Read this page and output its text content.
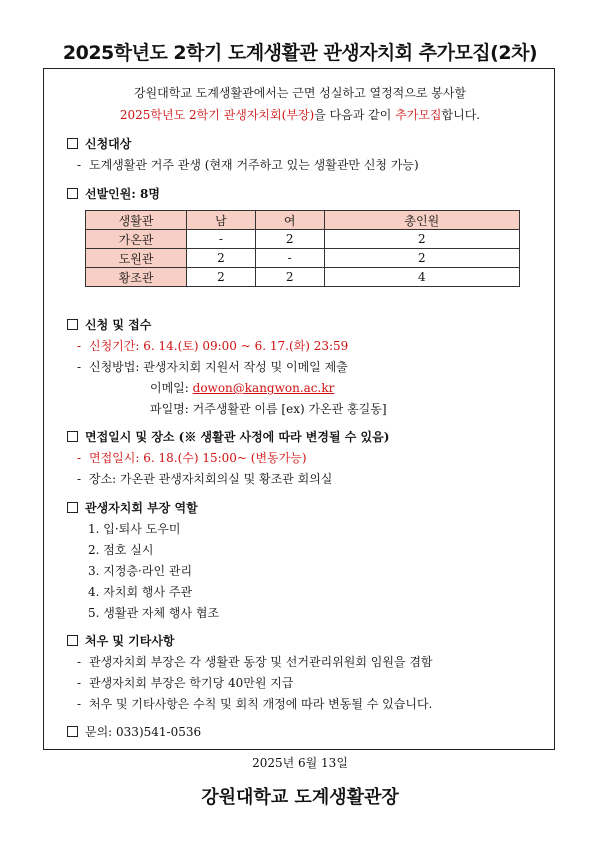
2025학년도 2학기 도계생활관 관생자치회 추가모집(2차)
강원대학교 도계생활관에서는 근면 성실하고 열정적으로 봉사할
2025학년도 2학기 관생자치회(부장)을 다음과 같이 추가모집합니다.
신청대상
- 도계생활관 거주 관생 (현재 거주하고 있는 생활관만 신청 가능)
선발인원: 8명
생활관	남	여	총인원
가온관	-	2	2
도원관	2	-	2
황조관	2	2	4
신청 및 접수
- 신청기간: 6. 14.(토) 09:00 ~ 6. 17.(화) 23:59
- 신청방법: 관생자치회 지원서 작성 및 이메일 제출
이메일: dowon@kangwon.ac.kr
파일명: 거주생활관 이름 [ex) 가온관 홍길동]
면접일시 및 장소 (※ 생활관 사정에 따라 변경될 수 있음)
- 면접일시: 6. 18.(수) 15:00~ (변동가능)
- 장소: 가온관 관생자치회의실 및 황조관 회의실
관생자치회 부장 역할
1. 입·퇴사 도우미
2. 점호 실시
3. 지정층·라인 관리
4. 자치회 행사 주관
5. 생활관 자체 행사 협조
처우 및 기타사항
- 관생자치회 부장은 각 생활관 동장 및 선거관리위원회 임원을 겸함
- 관생자치회 부장은 학기당 40만원 지급
- 처우 및 기타사항은 수칙 및 회칙 개정에 따라 변동될 수 있습니다.
문의: 033)541-0536
2025년 6월 13일
강원대학교 도계생활관장
